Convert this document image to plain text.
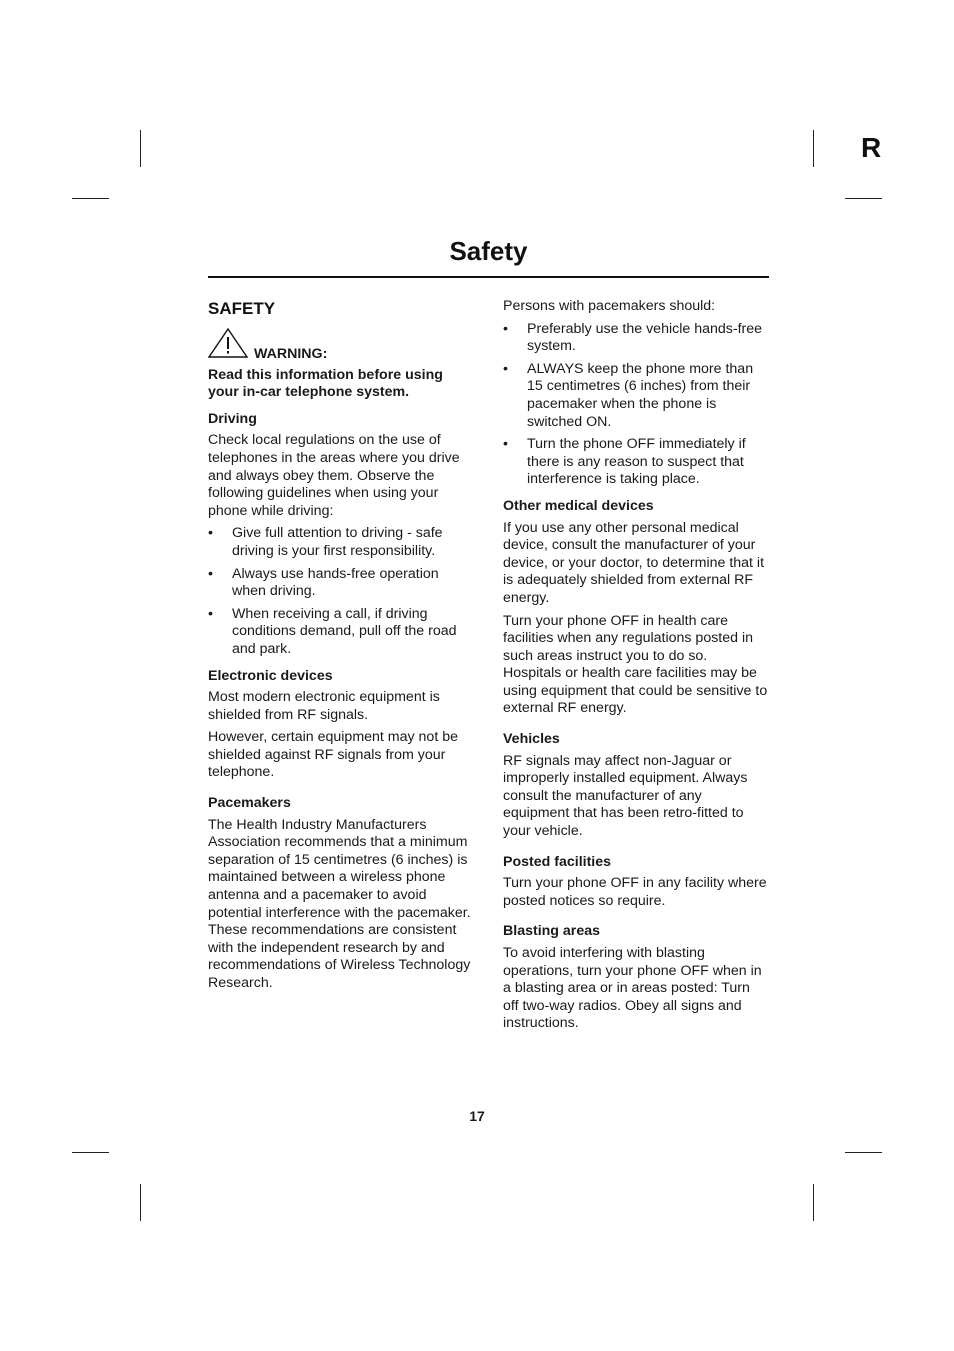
R
Safety
SAFETY
WARNING:
Read this information before using your in-car telephone system.
Driving

Check local regulations on the use of telephones in the areas where you drive and always obey them. Observe the following guidelines when using your phone while driving:

• Give full attention to driving - safe driving is your first responsibility.
• Always use hands-free operation when driving.
• When receiving a call, if driving conditions demand, pull off the road and park.
Electronic devices

Most modern electronic equipment is shielded from RF signals.

However, certain equipment may not be shielded against RF signals from your telephone.

Pacemakers

The Health Industry Manufacturers Association recommends that a minimum separation of 15 centimetres (6 inches) is maintained between a wireless phone antenna and a pacemaker to avoid potential interference with the pacemaker. These recommendations are consistent with the independent research by and recommendations of Wireless Technology Research.

Persons with pacemakers should:

• Preferably use the vehicle hands-free system.
• ALWAYS keep the phone more than 15 centimetres (6 inches) from their pacemaker when the phone is switched ON.
• Turn the phone OFF immediately if there is any reason to suspect that interference is taking place.
Other medical devices

If you use any other personal medical device, consult the manufacturer of your device, or your doctor, to determine that it is adequately shielded from external RF energy.

Turn your phone OFF in health care facilities when any regulations posted in such areas instruct you to do so. Hospitals or health care facilities may be using equipment that could be sensitive to external RF energy.

Vehicles

RF signals may affect non-Jaguar or improperly installed equipment. Always consult the manufacturer of any equipment that has been retro-fitted to your vehicle.

Posted facilities

Turn your phone OFF in any facility where posted notices so require.

Blasting areas

To avoid interfering with blasting operations, turn your phone OFF when in a blasting area or in areas posted: Turn off two-way radios. Obey all signs and instructions.

17
